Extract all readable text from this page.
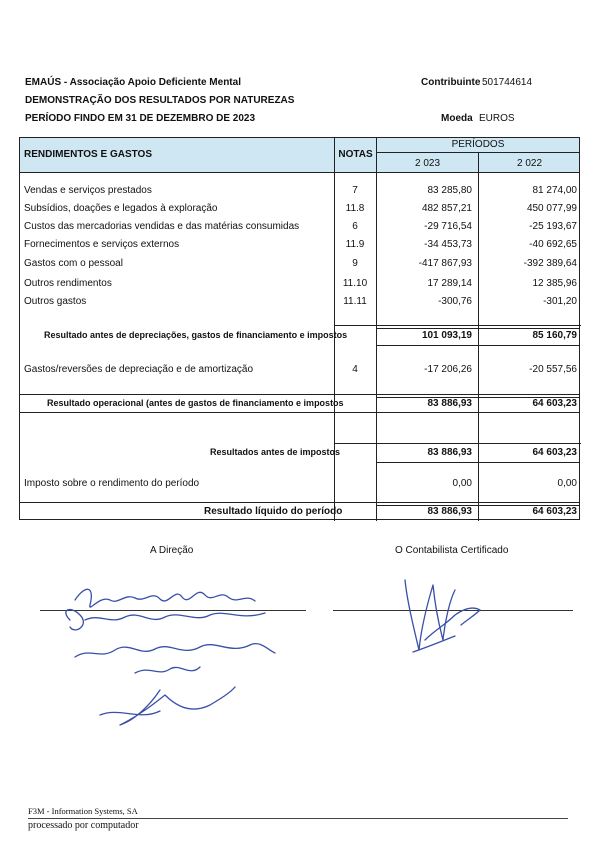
EMAÚS - Associação Apoio Deficiente Mental	Contribuinte 501744614
DEMONSTRAÇÃO DOS RESULTADOS POR NATUREZAS
PERÍODO FINDO EM 31 DE DEZEMBRO DE 2023	Moeda EUROS
RENDIMENTOS E GASTOS	NOTAS
PERÍODOS
2 023	2 022
Vendas e serviços prestados	7	83 285,80	81 274,00
Subsídios, doações e legados à exploração	11.8	482 857,21	450 077,99
Custos das mercadorias vendidas e das matérias consumidas	6	-29 716,54	-25 193,67
Fornecimentos e serviços externos	11.9	-34 453,73	-40 692,65
Gastos com o pessoal	9	-417 867,93	-392 389,64
Outros rendimentos	11.10	17 289,14	12 385,96
Outros gastos	11.11	-300,76	-301,20
Resultado antes de depreciações, gastos de financiamento e impostos	101 093,19	85 160,79
Gastos/reversões de depreciação e de amortização	4	-17 206,26	-20 557,56
Resultado operacional (antes de gastos de financiamento e impostos	83 886,93	64 603,23
Resultados antes de impostos	83 886,93	64 603,23
Imposto sobre o rendimento do período	0,00	0,00
Resultado líquido do período	83 886,93	64 603,23
A Direção	O Contabilista Certificado
F3M - Information Systems, SA
processado por computador
